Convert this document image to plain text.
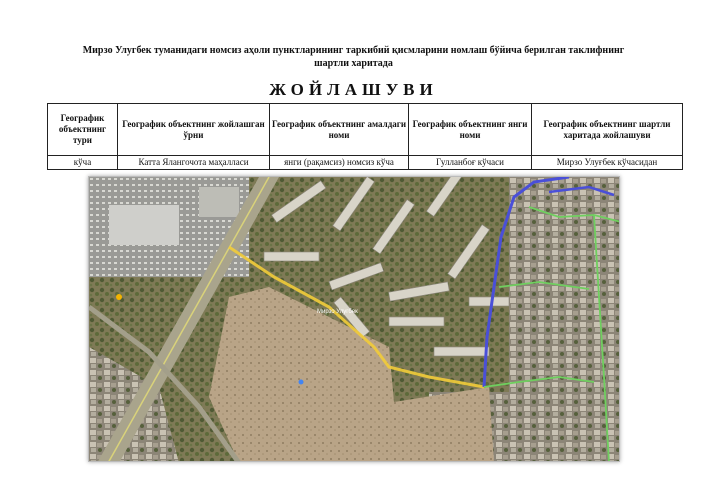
Мирзо Улугбек туманидаги номсиз аҳоли пунктларининг таркибий қисмларини номлаш бўйича берилган таклифнинг
шартли харитада
ЖОЙЛАШУВИ
Географик объектнинг тури	Географик объектнинг жойлашган ўрни	Географик объектнинг амалдаги номи	Географик объектнинг янги номи	Географик объектнинг шартли харитада жойлашуви
кўча	Катта Ялангочота маҳалласи	янги (рақамсиз) номсиз кўча	Гулланбоғ кўчаси	Мирзо Улуғбек кўчасидан
Мирзо Улугбек
